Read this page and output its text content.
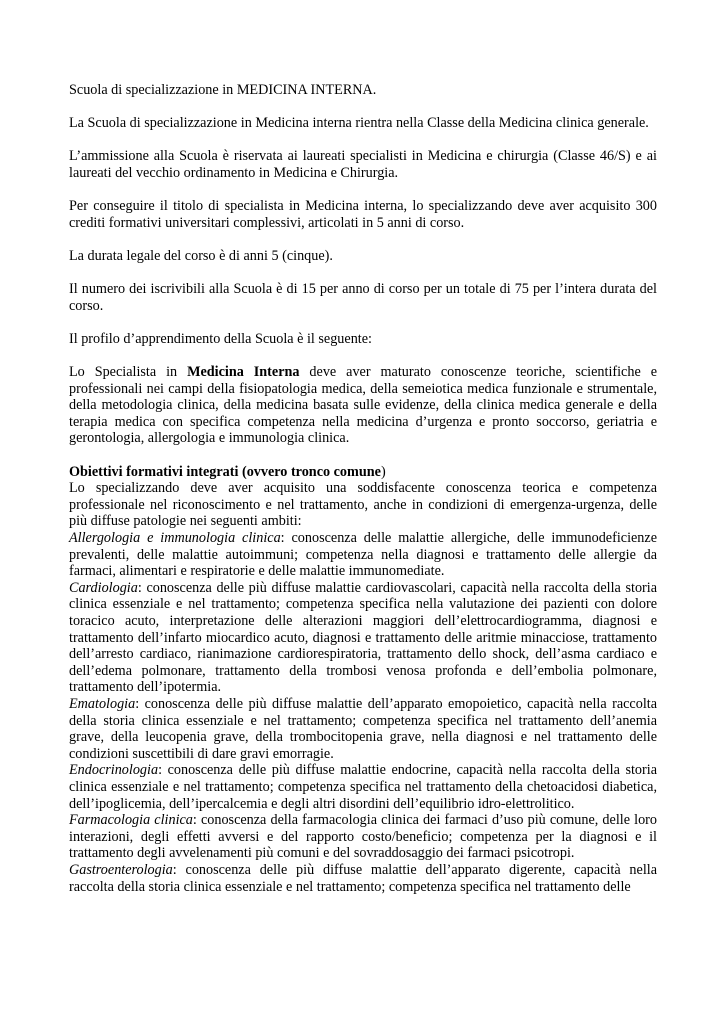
Scuola di specializzazione in MEDICINA INTERNA.

La Scuola di specializzazione in Medicina interna rientra nella Classe della Medicina clinica generale.

L’ammissione alla Scuola è riservata ai laureati specialisti in Medicina e chirurgia (Classe 46/S) e ai laureati del vecchio ordinamento in Medicina e Chirurgia.

Per conseguire il titolo di specialista in Medicina interna, lo specializzando deve aver acquisito 300 crediti formativi universitari complessivi, articolati in 5 anni di corso.

La durata legale del corso è di anni 5 (cinque).

Il numero dei iscrivibili alla Scuola è di 15 per anno di corso per un totale di 75 per l’intera durata del corso.

Il profilo d’apprendimento della Scuola è il seguente:

Lo Specialista in Medicina Interna deve aver maturato conoscenze teoriche, scientifiche e professionali nei campi della fisiopatologia medica, della semeiotica medica funzionale e strumentale, della metodologia clinica, della medicina basata sulle evidenze, della clinica medica generale e della terapia medica con specifica competenza nella medicina d’urgenza e pronto soccorso, geriatria e gerontologia, allergologia e immunologia clinica.

Obiettivi formativi integrati (ovvero tronco comune)

Lo specializzando deve aver acquisito una soddisfacente conoscenza teorica e competenza professionale nel riconoscimento e nel trattamento, anche in condizioni di emergenza-urgenza, delle più diffuse patologie nei seguenti ambiti:

Allergologia e immunologia clinica: conoscenza delle malattie allergiche, delle immunodeficienze prevalenti, delle malattie autoimmuni; competenza nella diagnosi e trattamento delle allergie da farmaci, alimentari e respiratorie e delle malattie immunomediate.

Cardiologia: conoscenza delle più diffuse malattie cardiovascolari, capacità nella raccolta della storia clinica essenziale e nel trattamento; competenza specifica nella valutazione dei pazienti con dolore toracico acuto, interpretazione delle alterazioni maggiori dell’elettrocardiogramma, diagnosi e trattamento dell’infarto miocardico acuto, diagnosi e trattamento delle aritmie minacciose, trattamento dell’arresto cardiaco, rianimazione cardiorespiratoria, trattamento dello shock, dell’asma cardiaco e dell’edema polmonare, trattamento della trombosi venosa profonda e dell’embolia polmonare, trattamento dell’ipotermia.

Ematologia: conoscenza delle più diffuse malattie dell’apparato emopoietico, capacità nella raccolta della storia clinica essenziale e nel trattamento; competenza specifica nel trattamento dell’anemia grave, della leucopenia grave, della trombocitopenia grave, nella diagnosi e nel trattamento delle condizioni suscettibili di dare gravi emorragie.

Endocrinologia: conoscenza delle più diffuse malattie endocrine, capacità nella raccolta della storia clinica essenziale e nel trattamento; competenza specifica nel trattamento della chetoacidosi diabetica, dell’ipoglicemia, dell’ipercalcemia e degli altri disordini dell’equilibrio idro-elettrolitico.

Farmacologia clinica: conoscenza della farmacologia clinica dei farmaci d’uso più comune, delle loro interazioni, degli effetti avversi e del rapporto costo/beneficio; competenza per la diagnosi e il trattamento degli avvelenamenti più comuni e del sovraddosaggio dei farmaci psicotropi.

Gastroenterologia: conoscenza delle più diffuse malattie dell’apparato digerente, capacità nella raccolta della storia clinica essenziale e nel trattamento; competenza specifica nel trattamento delle
